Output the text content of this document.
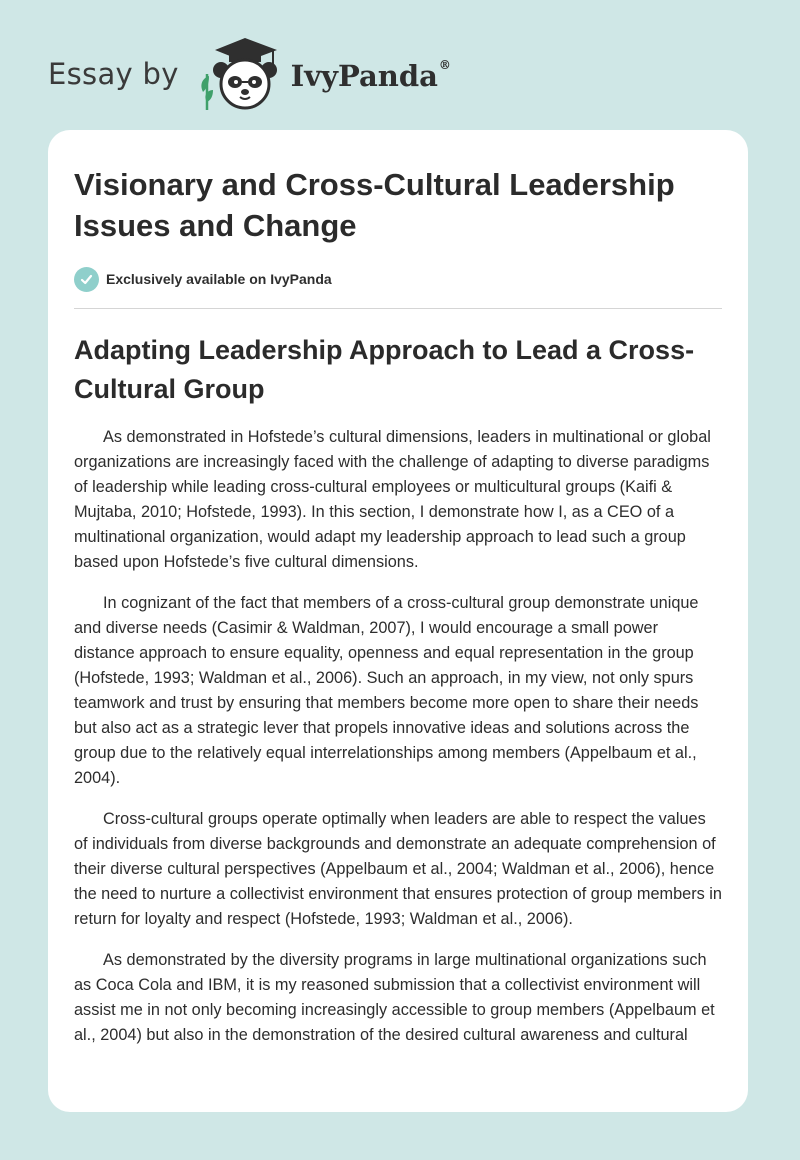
Essay by	IvyPanda®
Visionary and Cross-Cultural Leadership Issues and Change
Exclusively available on IvyPanda
Adapting Leadership Approach to Lead a Cross-Cultural Group

As demonstrated in Hofstede’s cultural dimensions, leaders in multinational or global organizations are increasingly faced with the challenge of adapting to diverse paradigms of leadership while leading cross-cultural employees or multicultural groups (Kaifi & Mujtaba, 2010; Hofstede, 1993). In this section, I demonstrate how I, as a CEO of a multinational organization, would adapt my leadership approach to lead such a group based upon Hofstede’s five cultural dimensions.

In cognizant of the fact that members of a cross-cultural group demonstrate unique and diverse needs (Casimir & Waldman, 2007), I would encourage a small power distance approach to ensure equality, openness and equal representation in the group (Hofstede, 1993; Waldman et al., 2006). Such an approach, in my view, not only spurs teamwork and trust by ensuring that members become more open to share their needs but also act as a strategic lever that propels innovative ideas and solutions across the group due to the relatively equal interrelationships among members (Appelbaum et al., 2004).

Cross-cultural groups operate optimally when leaders are able to respect the values of individuals from diverse backgrounds and demonstrate an adequate comprehension of their diverse cultural perspectives (Appelbaum et al., 2004; Waldman et al., 2006), hence the need to nurture a collectivist environment that ensures protection of group members in return for loyalty and respect (Hofstede, 1993; Waldman et al., 2006).

As demonstrated by the diversity programs in large multinational organizations such as Coca Cola and IBM, it is my reasoned submission that a collectivist environment will assist me in not only becoming increasingly accessible to group members (Appelbaum et al., 2004) but also in the demonstration of the desired cultural awareness and cultural
